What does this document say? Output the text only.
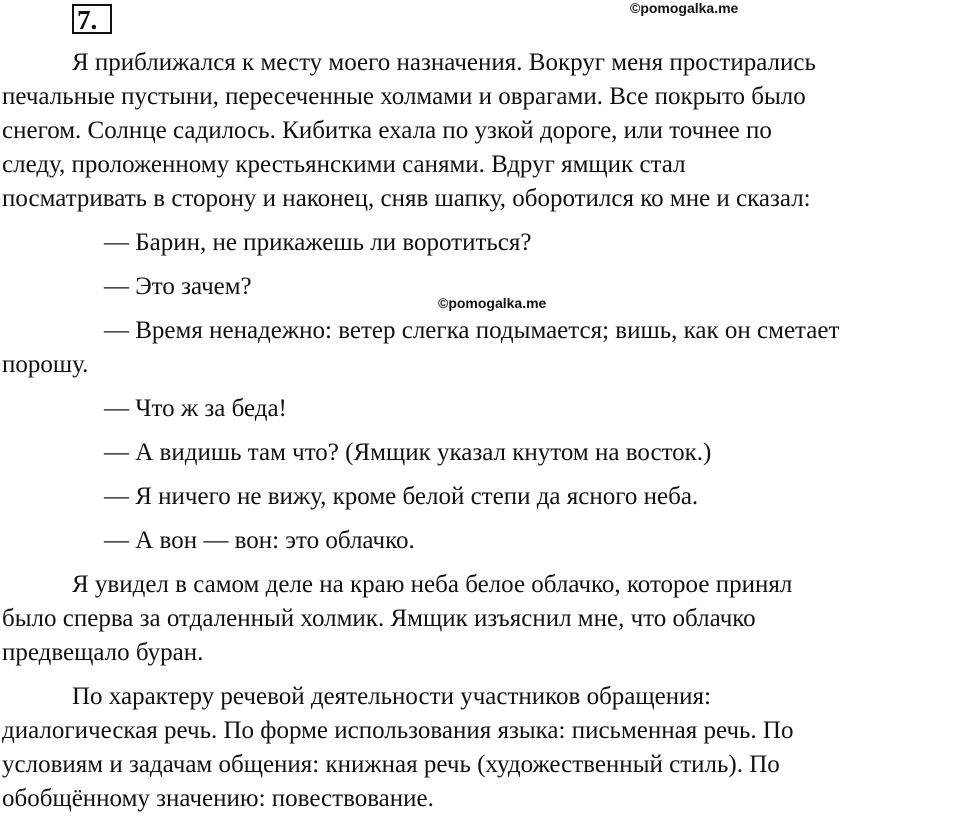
7.	©pomogalka.me

Я приближался к месту моего назначения. Вокруг меня простирались
печальные пустыни, пересеченные холмами и оврагами. Все покрыто было
снегом. Солнце садилось. Кибитка ехала по узкой дороге, или точнее по
следу, проложенному крестьянскими санями. Вдруг ямщик стал
посматривать в сторону и наконец, сняв шапку, оборотился ко мне и сказал:

— Барин, не прикажешь ли воротиться?

— Это зачем?

— Время ненадежно: ветер слегка подымается; вишь, как он сметает
порошу.

— Что ж за беда!

— А видишь там что? (Ямщик указал кнутом на восток.)

— Я ничего не вижу, кроме белой степи да ясного неба.

— А вон — вон: это облачко.

Я увидел в самом деле на краю неба белое облачко, которое принял
было сперва за отдаленный холмик. Ямщик изъяснил мне, что облачко
предвещало буран.

По характеру речевой деятельности участников обращения:
диалогическая речь. По форме использования языка: письменная речь. По
условиям и задачам общения: книжная речь (художественный стиль). По
обобщённому значению: повествование.

©pomogalka.me
